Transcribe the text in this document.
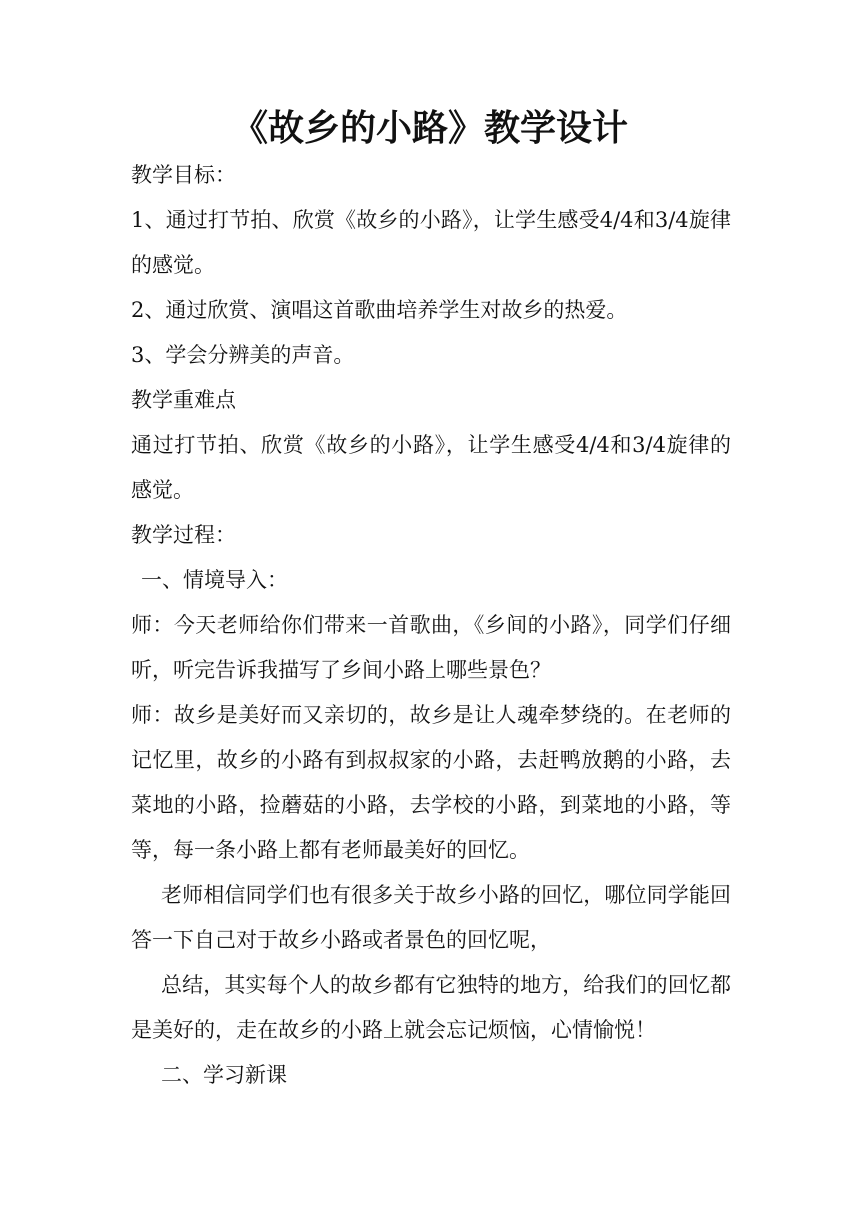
《故乡的小路》教学设计

教学目标：

1、通过打节拍、欣赏《故乡的小路》，让学生感受4/4和3/4旋律的感觉。

2、通过欣赏、演唱这首歌曲培养学生对故乡的热爱。

3、学会分辨美的声音。

教学重难点

通过打节拍、欣赏《故乡的小路》，让学生感受4/4和3/4旋律的感觉。

教学过程：

一、情境导入：

师：今天老师给你们带来一首歌曲，《乡间的小路》，同学们仔细听，听完告诉我描写了乡间小路上哪些景色？

师：故乡是美好而又亲切的，故乡是让人魂牵梦绕的。在老师的记忆里，故乡的小路有到叔叔家的小路，去赶鸭放鹅的小路，去菜地的小路，捡蘑菇的小路，去学校的小路，到菜地的小路，等等，每一条小路上都有老师最美好的回忆。

老师相信同学们也有很多关于故乡小路的回忆，哪位同学能回答一下自己对于故乡小路或者景色的回忆呢，

总结，其实每个人的故乡都有它独特的地方，给我们的回忆都是美好的，走在故乡的小路上就会忘记烦恼，心情愉悦！

二、学习新课
